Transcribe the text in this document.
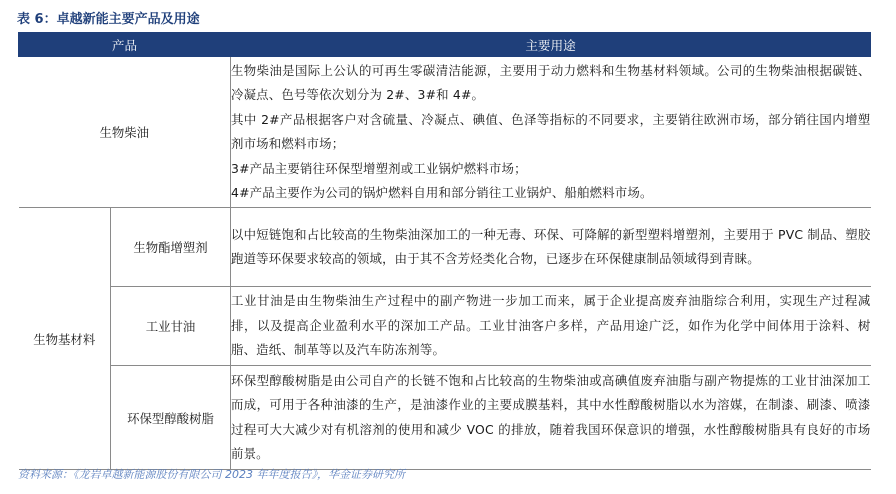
表 6：卓越新能主要产品及用途
产品		主要用途
生物柴油		生物柴油是国际上公认的可再生零碳清洁能源，主要用于动力燃料和生物基材料领域。公司的生物柴油根据碳链、冷凝点、色号等依次划分为 2#、3#和 4#。

其中 2#产品根据客户对含硫量、冷凝点、碘值、色泽等指标的不同要求，主要销往欧洲市场，部分销往国内增塑剂市场和燃料市场；

3#产品主要销往环保型增塑剂或工业锅炉燃料市场；

4#产品主要作为公司的锅炉燃料自用和部分销往工业锅炉、船舶燃料市场。

生物基材料	生物酯增塑剂	以中短链饱和占比较高的生物柴油深加工的一种无毒、环保、可降解的新型塑料增塑剂，主要用于 PVC 制品、塑胶跑道等环保要求较高的领域，由于其不含芳烃类化合物，已逐步在环保健康制品领域得到青睐。
	工业甘油	工业甘油是由生物柴油生产过程中的副产物进一步加工而来，属于企业提高废弃油脂综合利用，实现生产过程减排，以及提高企业盈利水平的深加工产品。工业甘油客户多样，产品用途广泛，如作为化学中间体用于涂料、树脂、造纸、制革等以及汽车防冻剂等。
	环保型醇酸树脂	环保型醇酸树脂是由公司自产的长链不饱和占比较高的生物柴油或高碘值废弃油脂与副产物提炼的工业甘油深加工而成，可用于各种油漆的生产，是油漆作业的主要成膜基料，其中水性醇酸树脂以水为溶媒，在制漆、刷漆、喷漆过程可大大减少对有机溶剂的使用和减少 VOC 的排放，随着我国环保意识的增强，水性醇酸树脂具有良好的市场前景。
资料来源：《龙岩卓越新能源股份有限公司 2023 年年度报告》，华金证券研究所
